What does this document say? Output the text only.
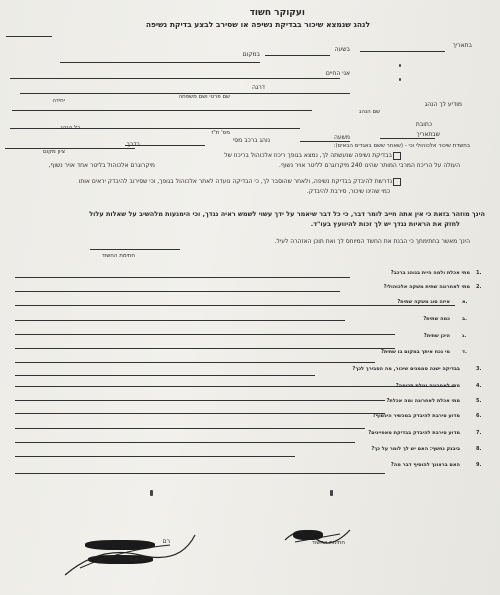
ועקוקר חשוד
לנהג שנמצא שיכור בבדיקת נשיפה או שסירב לבצע בדיקת נשיפה
בתאריך
בשעה
במקום
אני החיים
דרגה
שם פרטי ושם משפחה
יחידה	מודיע לך הנהג
שם הנהג
כתובת
מס' ת"ז
כל הנהג
שבתאריך
משעה
נוהג ברכב מסי
בדרך
ציון מקום
בחשדת שיכור אלכוהולי וכי - (שאחר ששם באגדים הבאים):
בבדיקת נשיפה שנעשתה לך, נמצא בגופך ריכוז אלכוהול בריכוז של
מיקרוגרם אלכוהול בליטר אחד אויר נשוף,	העולה על הריכוז המרבי המותר שהינו 240 מיקרוגרם לליטר אויר נשוף.
נדרשת להיבדק בבדיקת נשיפה, ולאחר שהוסבר לך, כי הבדיקה נועדה לאתר אלכוהול בגופך, וכי שסירוב להיבדק יראים אותו
כמי שהינו שיכור, סירבת להיבדק.
הינך מוזהר בזאת כי אין אתה חייב לומר דבר, כי כל דבר שיאמר על ידך עשוי לשמש ראיה נגדך, וכי הימנעות מלהשיב על שאלות עלול
לחזק את הראיות נגדך יש לך זכות להיוועץ בעו"ד.
הינך מאשר בחתימתך כי הבנת את החשד המיוחס לך ואת תוכן האזהרה לעיל.
חתימת החשוד
1.
מתי אכלת ולמה היית בנוהג ברכב?
2.
מתי לאחרונה שתית משקה אלכוהולי?
א.
איזה סוג משקה שתית?
ב.
כמה שתית?
ג.
היכן שתית?
ד.
מי נכח איתך במקום בו שתית?
3.
בבדיקה ישנה סממנים שיכור, מה הסבירך לכך?
4.
מתי לאחרונה נטלת תרופה?
5.
מתי אכלת לאחרונה ומה אכלת?
6.
מדוע סירבת להיבדק במכשיר הינשוף?
7.
מדוע סירבת להיבדק בבדיקת מאפיינים?
8.
ביבנק נחשף: האם יש לך לומר על כך?
9.
האם ברצונך להוסיף דבר מה?
חתימת החשוד
רם
מ.א.ס
